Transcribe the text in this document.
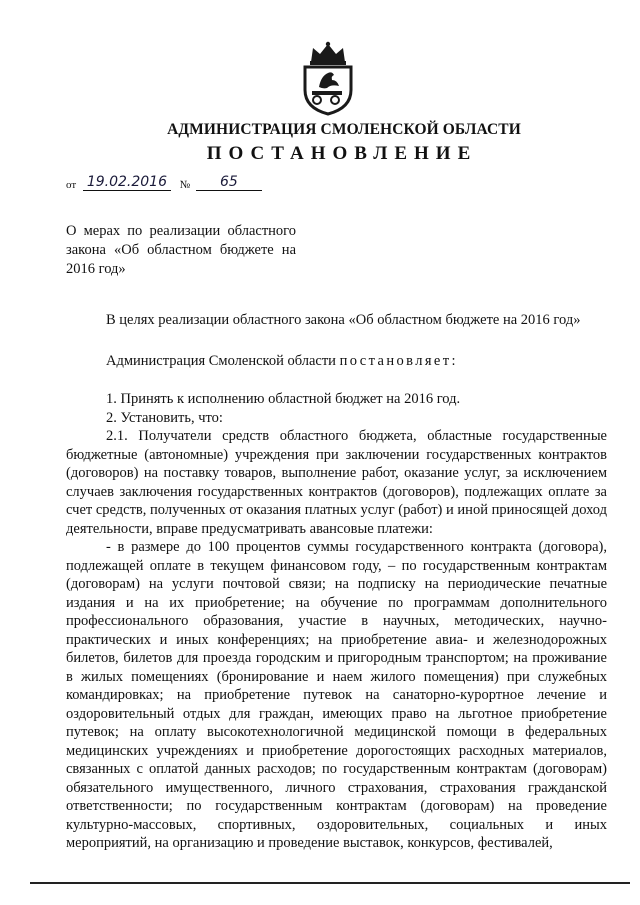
АДМИНИСТРАЦИЯ СМОЛЕНСКОЙ ОБЛАСТИ
ПОСТАНОВЛЕНИЕ
от 19.02.2016 № 65
О мерах по реализации областного закона «Об областном бюджете на 2016 год»

В целях реализации областного закона «Об областном бюджете на 2016 год»

Администрация Смоленской области постановляет:

1. Принять к исполнению областной бюджет на 2016 год.

2. Установить, что:

2.1. Получатели средств областного бюджета, областные государственные бюджетные (автономные) учреждения при заключении государственных контрактов (договоров) на поставку товаров, выполнение работ, оказание услуг, за исключением случаев заключения государственных контрактов (договоров), подлежащих оплате за счет средств, полученных от оказания платных услуг (работ) и иной приносящей доход деятельности, вправе предусматривать авансовые платежи:

- в размере до 100 процентов суммы государственного контракта (договора), подлежащей оплате в текущем финансовом году, – по государственным контрактам (договорам) на услуги почтовой связи; на подписку на периодические печатные издания и на их приобретение; на обучение по программам дополнительного профессионального образования, участие в научных, методических, научно-практических и иных конференциях; на приобретение авиа- и железнодорожных билетов, билетов для проезда городским и пригородным транспортом; на проживание в жилых помещениях (бронирование и наем жилого помещения) при служебных командировках; на приобретение путевок на санаторно-курортное лечение и оздоровительный отдых для граждан, имеющих право на льготное приобретение путевок; на оплату высокотехнологичной медицинской помощи в федеральных медицинских учреждениях и приобретение дорогостоящих расходных материалов, связанных с оплатой данных расходов; по государственным контрактам (договорам) обязательного имущественного, личного страхования, страхования гражданской ответственности; по государственным контрактам (договорам) на проведение культурно-массовых, спортивных, оздоровительных, социальных и иных мероприятий, на организацию и проведение выставок, конкурсов, фестивалей,
